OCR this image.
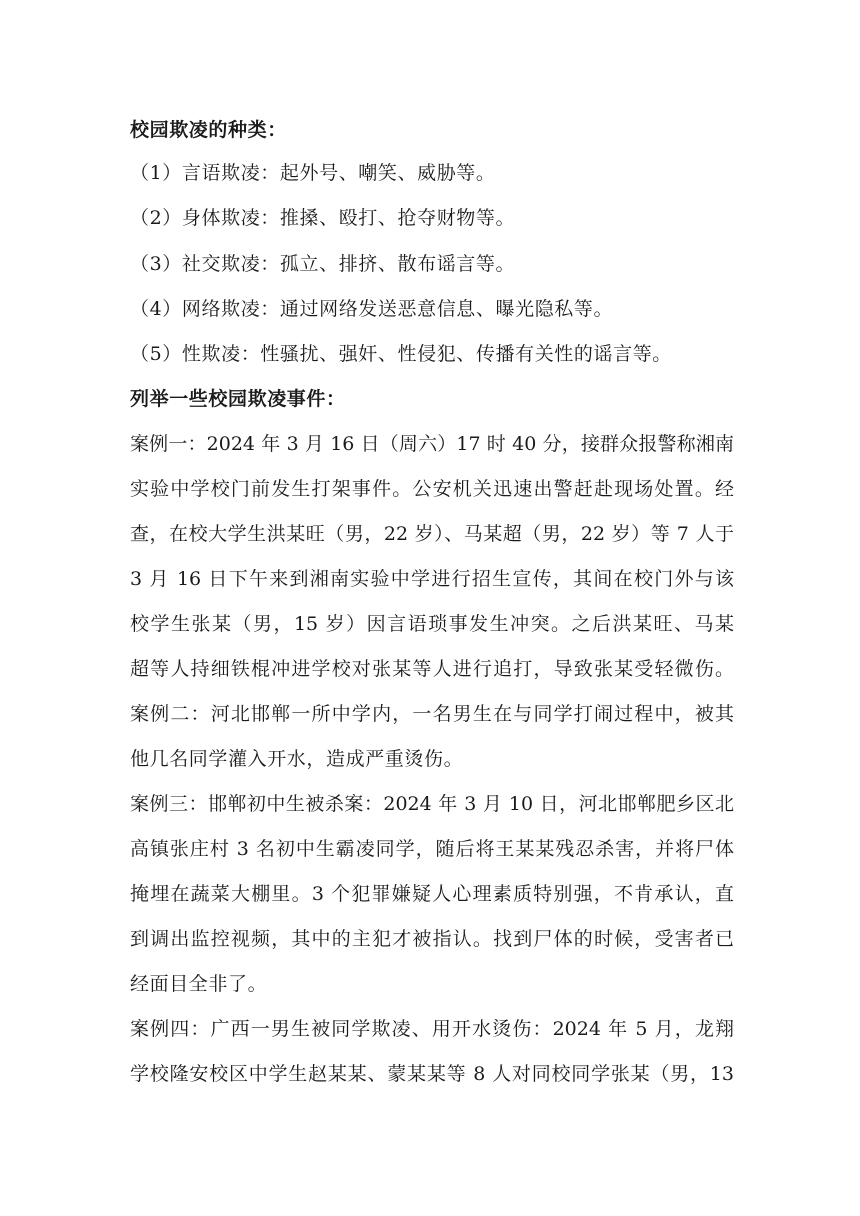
校园欺凌的种类：
（1）言语欺凌：起外号、嘲笑、威胁等。
（2）身体欺凌：推搡、殴打、抢夺财物等。
（3）社交欺凌：孤立、排挤、散布谣言等。
（4）网络欺凌：通过网络发送恶意信息、曝光隐私等。
（5）性欺凌：性骚扰、强奸、性侵犯、传播有关性的谣言等。
列举一些校园欺凌事件：
案例一：2024 年 3 月 16 日（周六）17 时 40 分，接群众报警称湘南
实验中学校门前发生打架事件。公安机关迅速出警赶赴现场处置。经
查，在校大学生洪某旺（男，22 岁）、马某超（男，22 岁）等 7 人于
3 月 16 日下午来到湘南实验中学进行招生宣传，其间在校门外与该
校学生张某（男，15 岁）因言语琐事发生冲突。之后洪某旺、马某
超等人持细铁棍冲进学校对张某等人进行追打，导致张某受轻微伤。
案例二：河北邯郸一所中学内，一名男生在与同学打闹过程中，被其
他几名同学灌入开水，造成严重烫伤。
案例三：邯郸初中生被杀案：2024 年 3 月 10 日，河北邯郸肥乡区北
高镇张庄村 3 名初中生霸凌同学，随后将王某某残忍杀害，并将尸体
掩埋在蔬菜大棚里。3 个犯罪嫌疑人心理素质特别强，不肯承认，直
到调出监控视频，其中的主犯才被指认。找到尸体的时候，受害者已
经面目全非了。
案例四：广西一男生被同学欺凌、用开水烫伤：2024 年 5 月，龙翔
学校隆安校区中学生赵某某、蒙某某等 8 人对同校同学张某（男，13
